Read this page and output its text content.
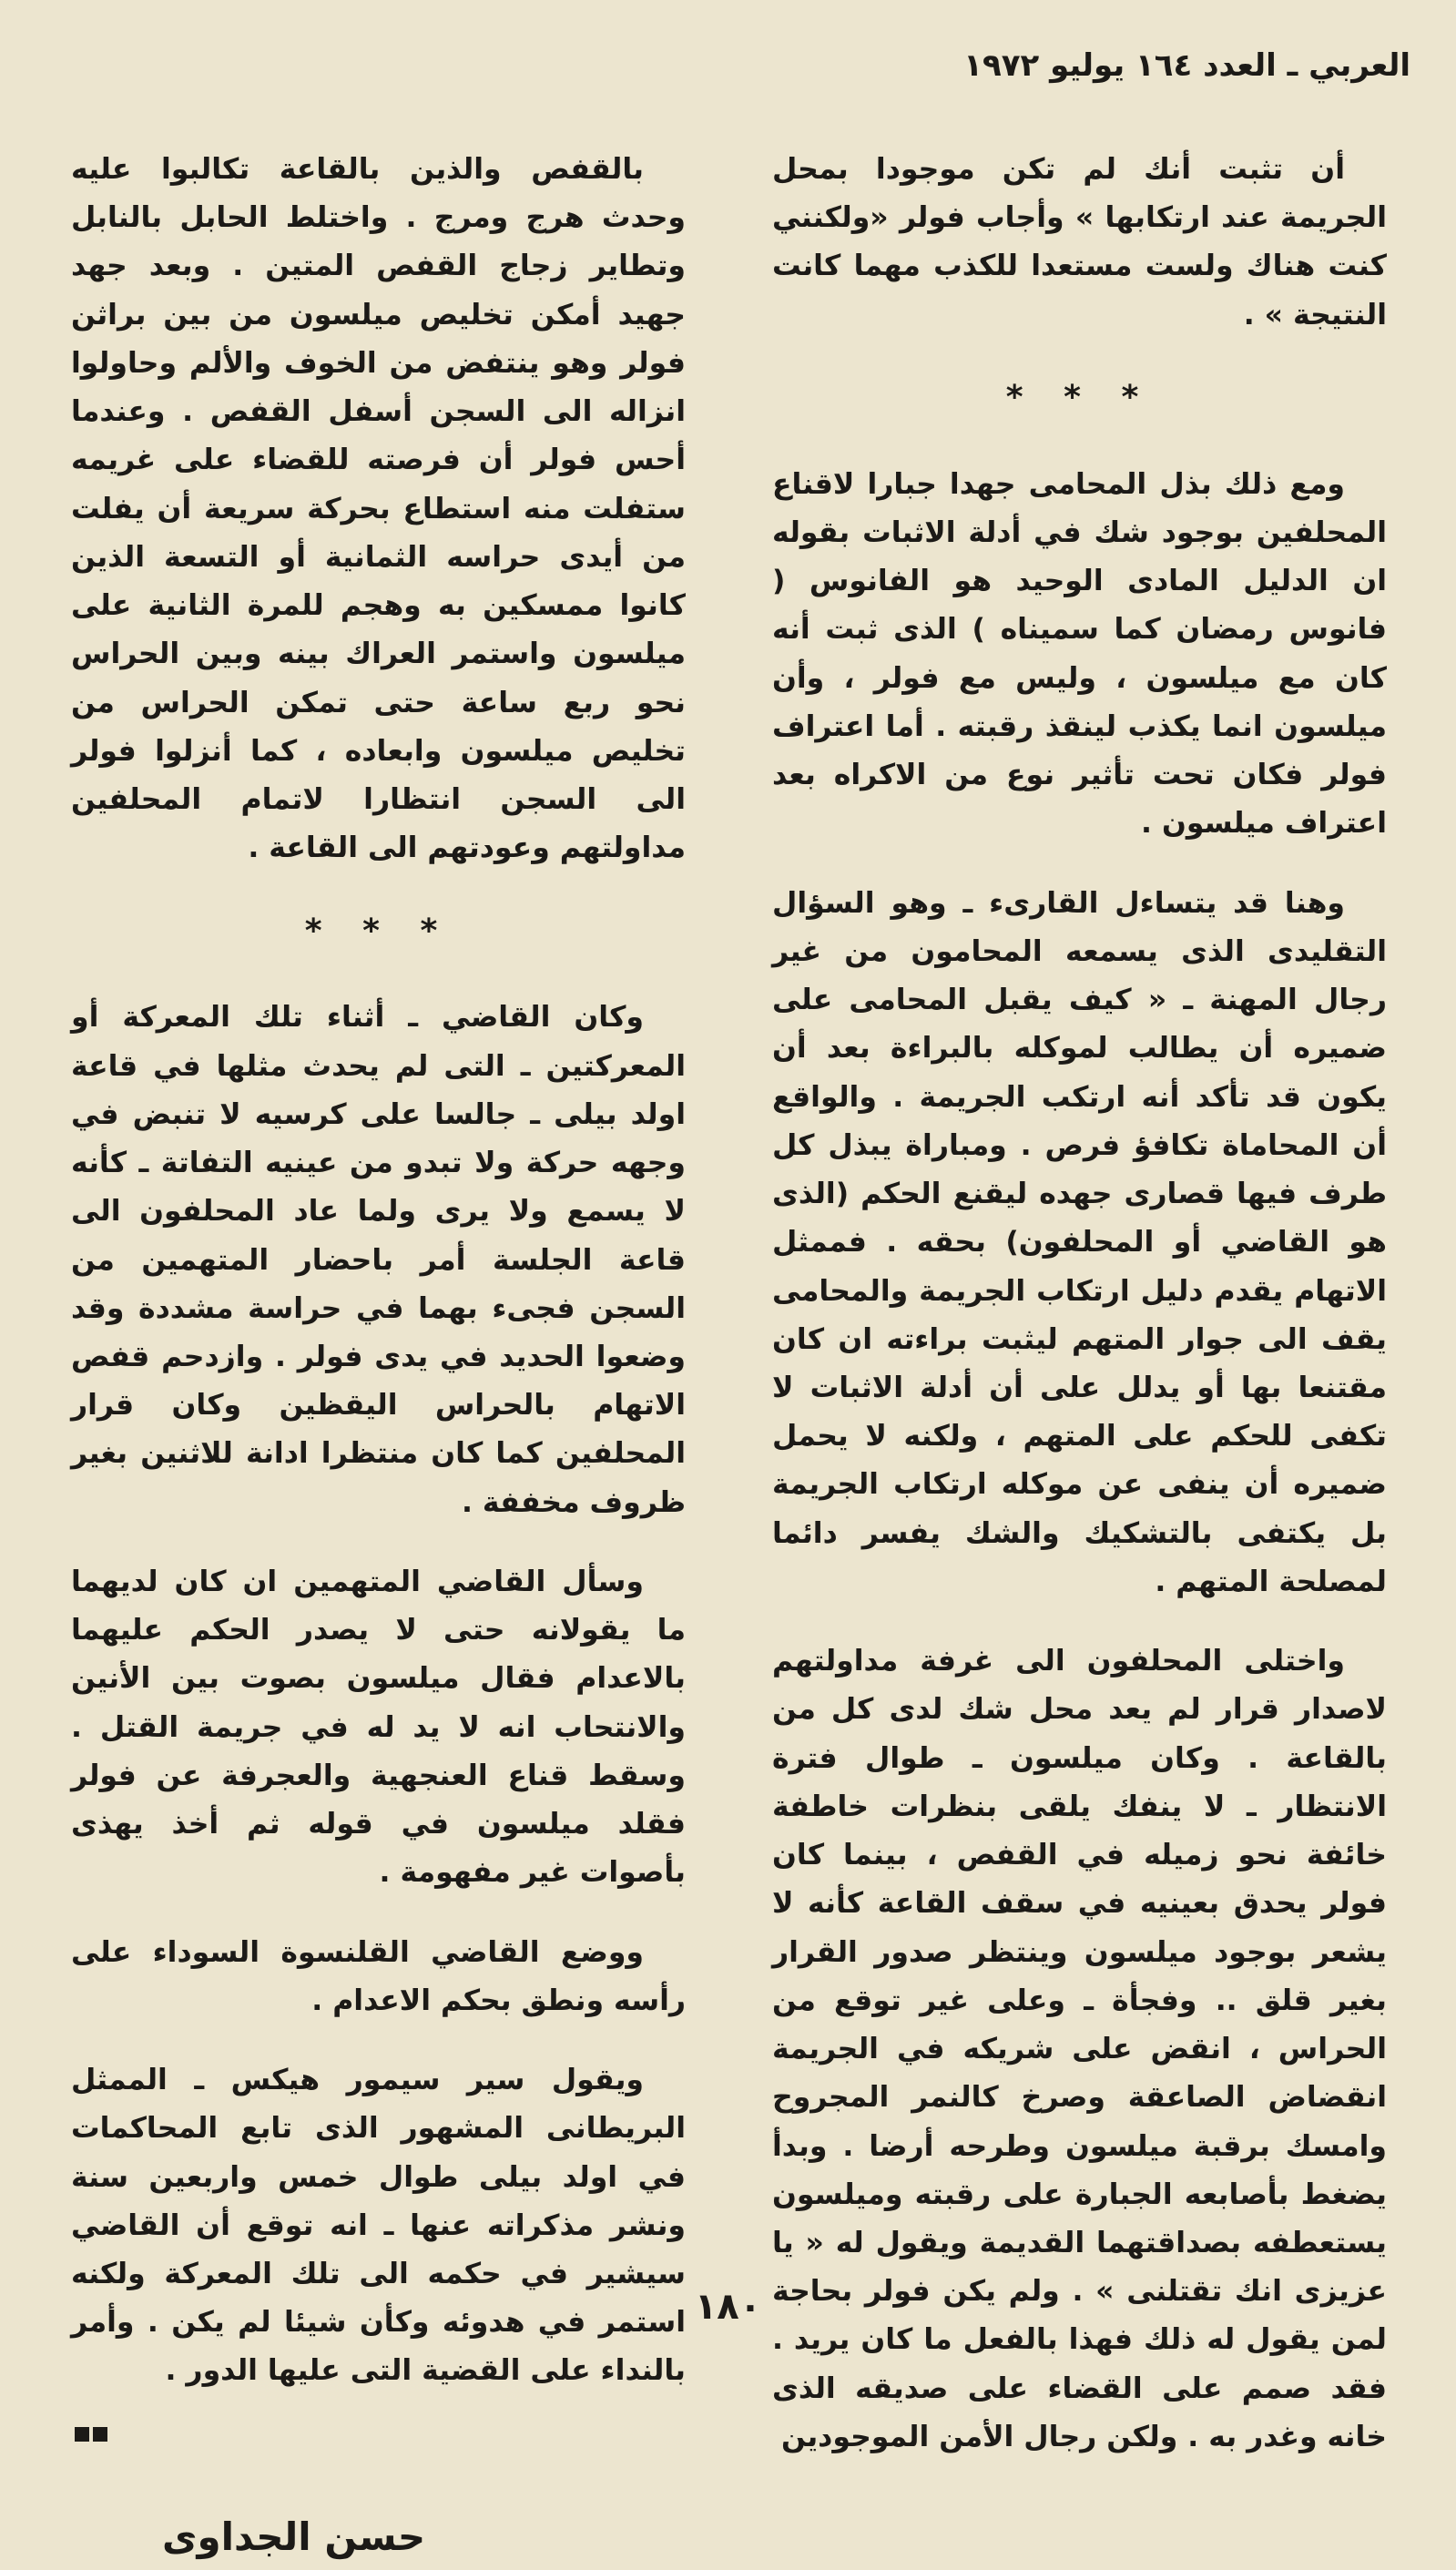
العربي ـ العدد ١٦٤ يوليو ١٩٧٢

أن تثبت أنك لم تكن موجودا بمحل الجريمة عند ارتكابها » وأجاب فولر «ولكنني كنت هناك ولست مستعدا للكذب مهما كانت النتيجة » .

* * *

ومع ذلك بذل المحامى جهدا جبارا لاقناع المحلفين بوجود شك في أدلة الاثبات بقوله ان الدليل المادى الوحيد هو الفانوس ( فانوس رمضان كما سميناه ) الذى ثبت أنه كان مع ميلسون ، وليس مع فولر ، وأن ميلسون انما يكذب لينقذ رقبته . أما اعتراف فولر فكان تحت تأثير نوع من الاكراه بعد اعتراف ميلسون .

وهنا قد يتساءل القارىء ـ وهو السؤال التقليدى الذى يسمعه المحامون من غير رجال المهنة ـ « كيف يقبل المحامى على ضميره أن يطالب لموكله بالبراءة بعد أن يكون قد تأكد أنه ارتكب الجريمة . والواقع أن المحاماة تكافؤ فرص . ومباراة يبذل كل طرف فيها قصارى جهده ليقنع الحكم (الذى هو القاضي أو المحلفون) بحقه . فممثل الاتهام يقدم دليل ارتكاب الجريمة والمحامى يقف الى جوار المتهم ليثبت براءته ان كان مقتنعا بها أو يدلل على أن أدلة الاثبات لا تكفى للحكم على المتهم ، ولكنه لا يحمل ضميره أن ينفى عن موكله ارتكاب الجريمة بل يكتفى بالتشكيك والشك يفسر دائما لمصلحة المتهم .

واختلى المحلفون الى غرفة مداولتهم لاصدار قرار لم يعد محل شك لدى كل من بالقاعة . وكان ميلسون ـ طوال فترة الانتظار ـ لا ينفك يلقى بنظرات خاطفة خائفة نحو زميله في القفص ، بينما كان فولر يحدق بعينيه في سقف القاعة كأنه لا يشعر بوجود ميلسون وينتظر صدور القرار بغير قلق .. وفجأة ـ وعلى غير توقع من الحراس ، انقض على شريكه في الجريمة انقضاض الصاعقة وصرخ كالنمر المجروح وامسك برقبة ميلسون وطرحه أرضا . وبدأ يضغط بأصابعه الجبارة على رقبته وميلسون يستعطفه بصداقتهما القديمة ويقول له « يا عزيزى انك تقتلنى » . ولم يكن فولر بحاجة لمن يقول له ذلك فهذا بالفعل ما كان يريد . فقد صمم على القضاء على صديقه الذى خانه وغدر به . ولكن رجال الأمن الموجودين

بالقفص والذين بالقاعة تكالبوا عليه وحدث هرج ومرج . واختلط الحابل بالنابل وتطاير زجاج القفص المتين . وبعد جهد جهيد أمكن تخليص ميلسون من بين براثن فولر وهو ينتفض من الخوف والألم وحاولوا انزاله الى السجن أسفل القفص . وعندما أحس فولر أن فرصته للقضاء على غريمه ستفلت منه استطاع بحركة سريعة أن يفلت من أيدى حراسه الثمانية أو التسعة الذين كانوا ممسكين به وهجم للمرة الثانية على ميلسون واستمر العراك بينه وبين الحراس نحو ربع ساعة حتى تمكن الحراس من تخليص ميلسون وابعاده ، كما أنزلوا فولر الى السجن انتظارا لاتمام المحلفين مداولتهم وعودتهم الى القاعة .

* * *

وكان القاضي ـ أثناء تلك المعركة أو المعركتين ـ التى لم يحدث مثلها في قاعة اولد بيلى ـ جالسا على كرسيه لا تنبض في وجهه حركة ولا تبدو من عينيه التفاتة ـ كأنه لا يسمع ولا يرى ولما عاد المحلفون الى قاعة الجلسة أمر باحضار المتهمين من السجن فجىء بهما في حراسة مشددة وقد وضعوا الحديد في يدى فولر . وازدحم قفص الاتهام بالحراس اليقظين وكان قرار المحلفين كما كان منتظرا ادانة للاثنين بغير ظروف مخففة .

وسأل القاضي المتهمين ان كان لديهما ما يقولانه حتى لا يصدر الحكم عليهما بالاعدام فقال ميلسون بصوت بين الأنين والانتحاب انه لا يد له في جريمة القتل . وسقط قناع العنجهية والعجرفة عن فولر فقلد ميلسون في قوله ثم أخذ يهذى بأصوات غير مفهومة .

ووضع القاضي القلنسوة السوداء على رأسه ونطق بحكم الاعدام .

ويقول سير سيمور هيكس ـ الممثل البريطانى المشهور الذى تابع المحاكمات في اولد بيلى طوال خمس واربعين سنة ونشر مذكراته عنها ـ انه توقع أن القاضي سيشير في حكمه الى تلك المعركة ولكنه استمر في هدوئه وكأن شيئا لم يكن . وأمر بالنداء على القضية التى عليها الدور .

حسن الجداوى
١٨٠
